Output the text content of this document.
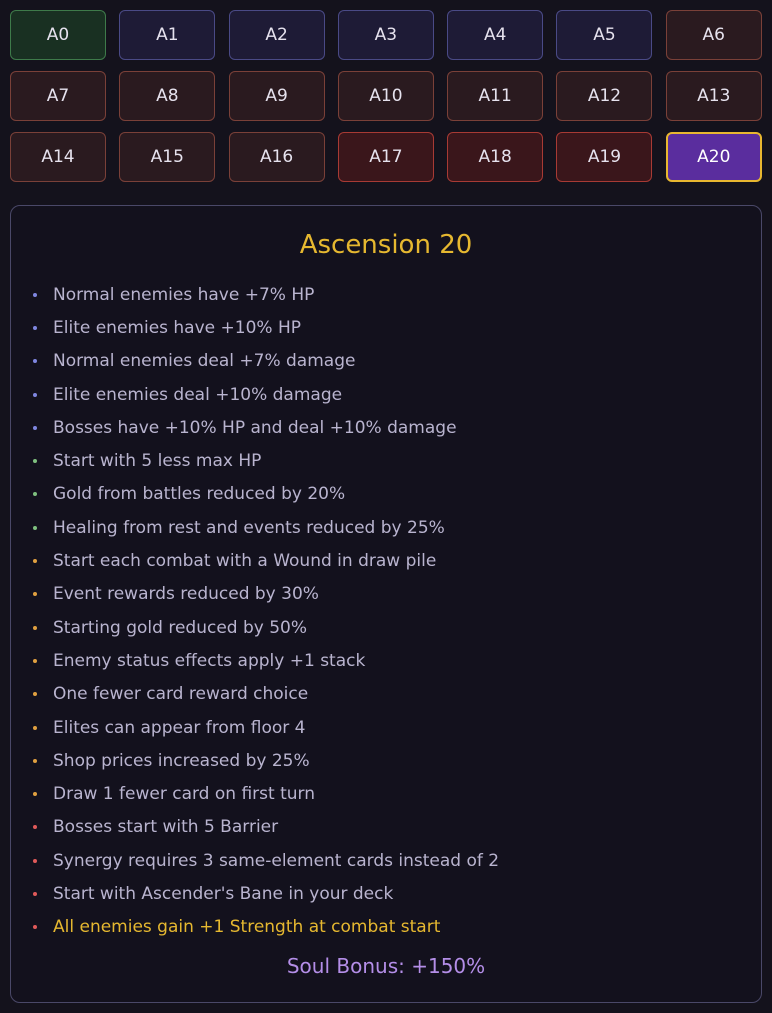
A0	A1	A2	A3	A4	A5	A6
A7	A8	A9	A10	A11	A12	A13
A14	A15	A16	A17	A18	A19	A20
Ascension 20
Normal enemies have +7% HP
Elite enemies have +10% HP
Normal enemies deal +7% damage
Elite enemies deal +10% damage
Bosses have +10% HP and deal +10% damage
Start with 5 less max HP
Gold from battles reduced by 20%
Healing from rest and events reduced by 25%
Start each combat with a Wound in draw pile
Event rewards reduced by 30%
Starting gold reduced by 50%
Enemy status effects apply +1 stack
One fewer card reward choice
Elites can appear from floor 4
Shop prices increased by 25%
Draw 1 fewer card on first turn
Bosses start with 5 Barrier
Synergy requires 3 same-element cards instead of 2
Start with Ascender's Bane in your deck
All enemies gain +1 Strength at combat start
Soul Bonus: +150%
